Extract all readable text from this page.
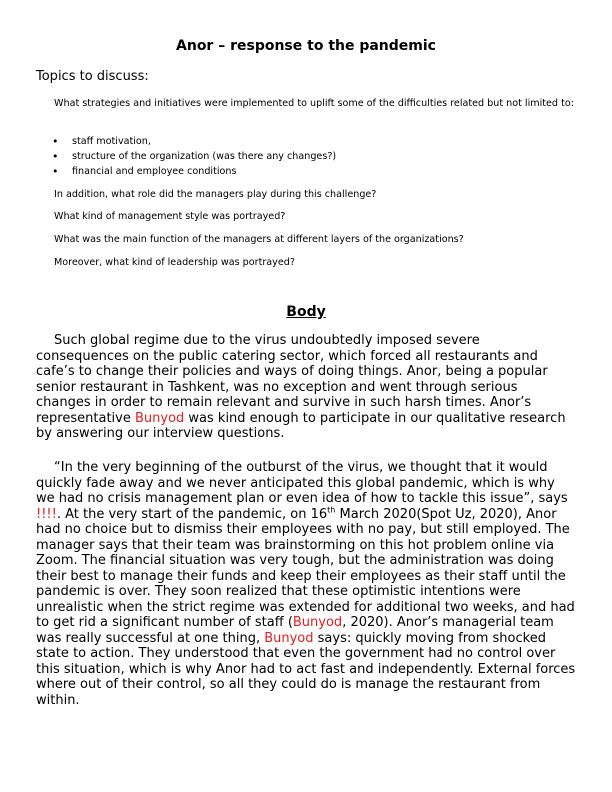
Anor – response to the pandemic

Topics to discuss:

What strategies and initiatives were implemented to uplift some of the difficulties related but not limited to:

• staff motivation,
• structure of the organization (was there any changes?)
• financial and employee conditions

In addition, what role did the managers play during this challenge?

What kind of management style was portrayed?

What was the main function of the managers at different layers of the organizations?

Moreover, what kind of leadership was portrayed?

Body

Such global regime due to the virus undoubtedly imposed severe consequences on the public catering sector, which forced all restaurants and cafe’s to change their policies and ways of doing things. Anor, being a popular senior restaurant in Tashkent, was no exception and went through serious changes in order to remain relevant and survive in such harsh times. Anor’s representative Bunyod was kind enough to participate in our qualitative research by answering our interview questions.

“In the very beginning of the outburst of the virus, we thought that it would quickly fade away and we never anticipated this global pandemic, which is why we had no crisis management plan or even idea of how to tackle this issue”, says !!!!. At the very start of the pandemic, on 16th March 2020(Spot Uz, 2020), Anor had no choice but to dismiss their employees with no pay, but still employed. The manager says that their team was brainstorming on this hot problem online via Zoom. The financial situation was very tough, but the administration was doing their best to manage their funds and keep their employees as their staff until the pandemic is over. They soon realized that these optimistic intentions were unrealistic when the strict regime was extended for additional two weeks, and had to get rid a significant number of staff (Bunyod, 2020). Anor’s managerial team was really successful at one thing, Bunyod says: quickly moving from shocked state to action. They understood that even the government had no control over this situation, which is why Anor had to act fast and independently. External forces where out of their control, so all they could do is manage the restaurant from within.
